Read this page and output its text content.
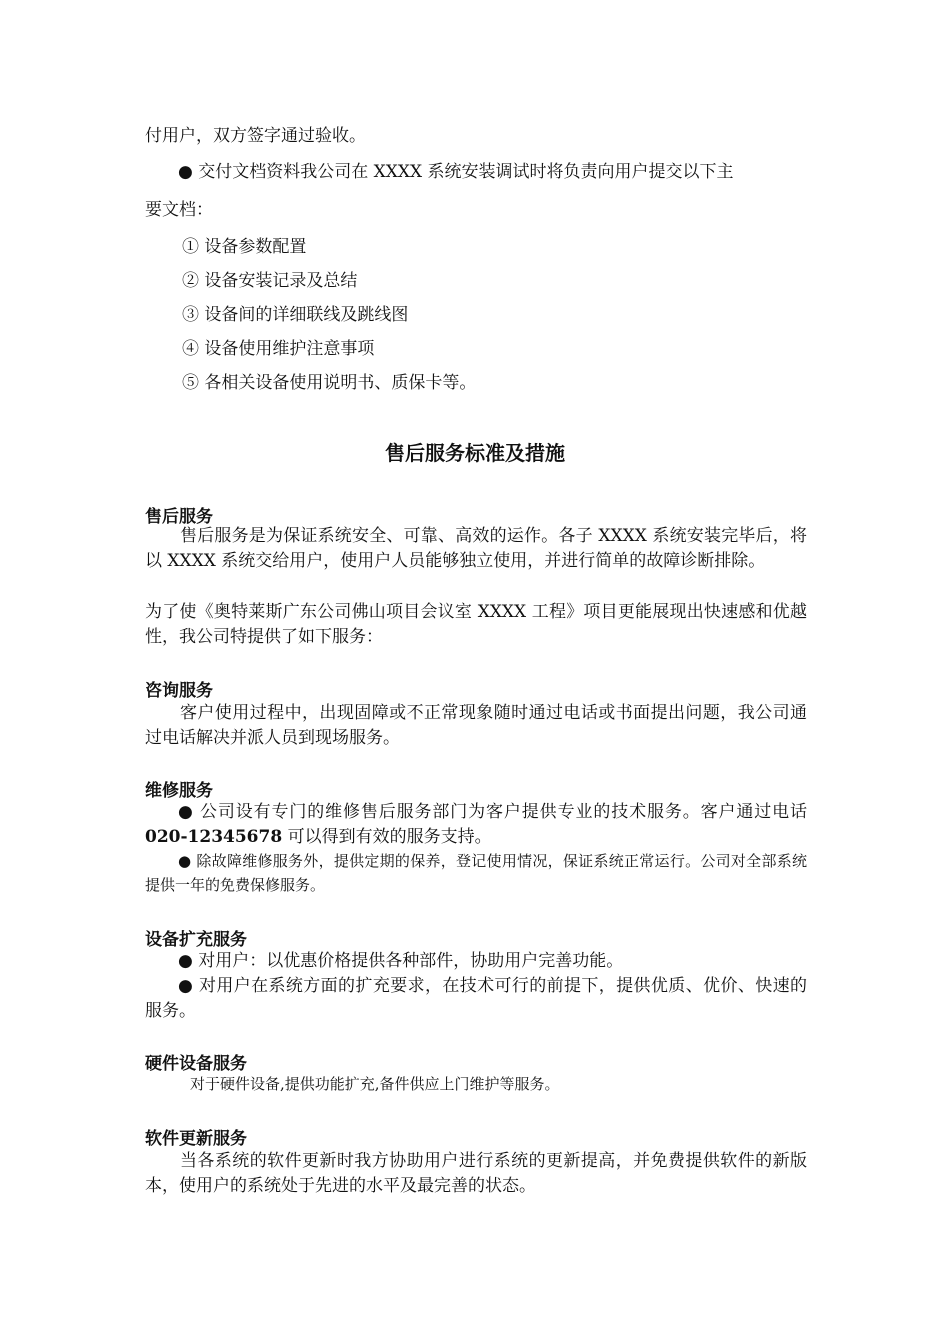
付用户，双方签字通过验收。

● 交付文档资料我公司在 XXXX 系统安装调试时将负责向用户提交以下主

要文档：

① 设备参数配置
② 设备安装记录及总结
③ 设备间的详细联线及跳线图
④ 设备使用维护注意事项
⑤ 各相关设备使用说明书、质保卡等。
售后服务标准及措施
售后服务

售后服务是为保证系统安全、可靠、高效的运作。各子 XXXX 系统安装完毕后，将以 XXXX 系统交给用户，使用户人员能够独立使用，并进行简单的故障诊断排除。

为了使《奥特莱斯广东公司佛山项目会议室 XXXX 工程》项目更能展现出快速感和优越性，我公司特提供了如下服务：

咨询服务

客户使用过程中，出现固障或不正常现象随时通过电话或书面提出问题，我公司通过电话解决并派人员到现场服务。

维修服务

● 公司设有专门的维修售后服务部门为客户提供专业的技术服务。客户通过电话 020-12345678 可以得到有效的服务支持。

● 除故障维修服务外，提供定期的保养，登记使用情况，保证系统正常运行。公司对全部系统提供一年的免费保修服务。

设备扩充服务

● 对用户：以优惠价格提供各种部件，协助用户完善功能。

● 对用户在系统方面的扩充要求，在技术可行的前提下，提供优质、优价、快速的服务。

硬件设备服务

对于硬件设备,提供功能扩充,备件供应上门维护等服务。

软件更新服务

当各系统的软件更新时我方协助用户进行系统的更新提高，并免费提供软件的新版本，使用户的系统处于先进的水平及最完善的状态。
